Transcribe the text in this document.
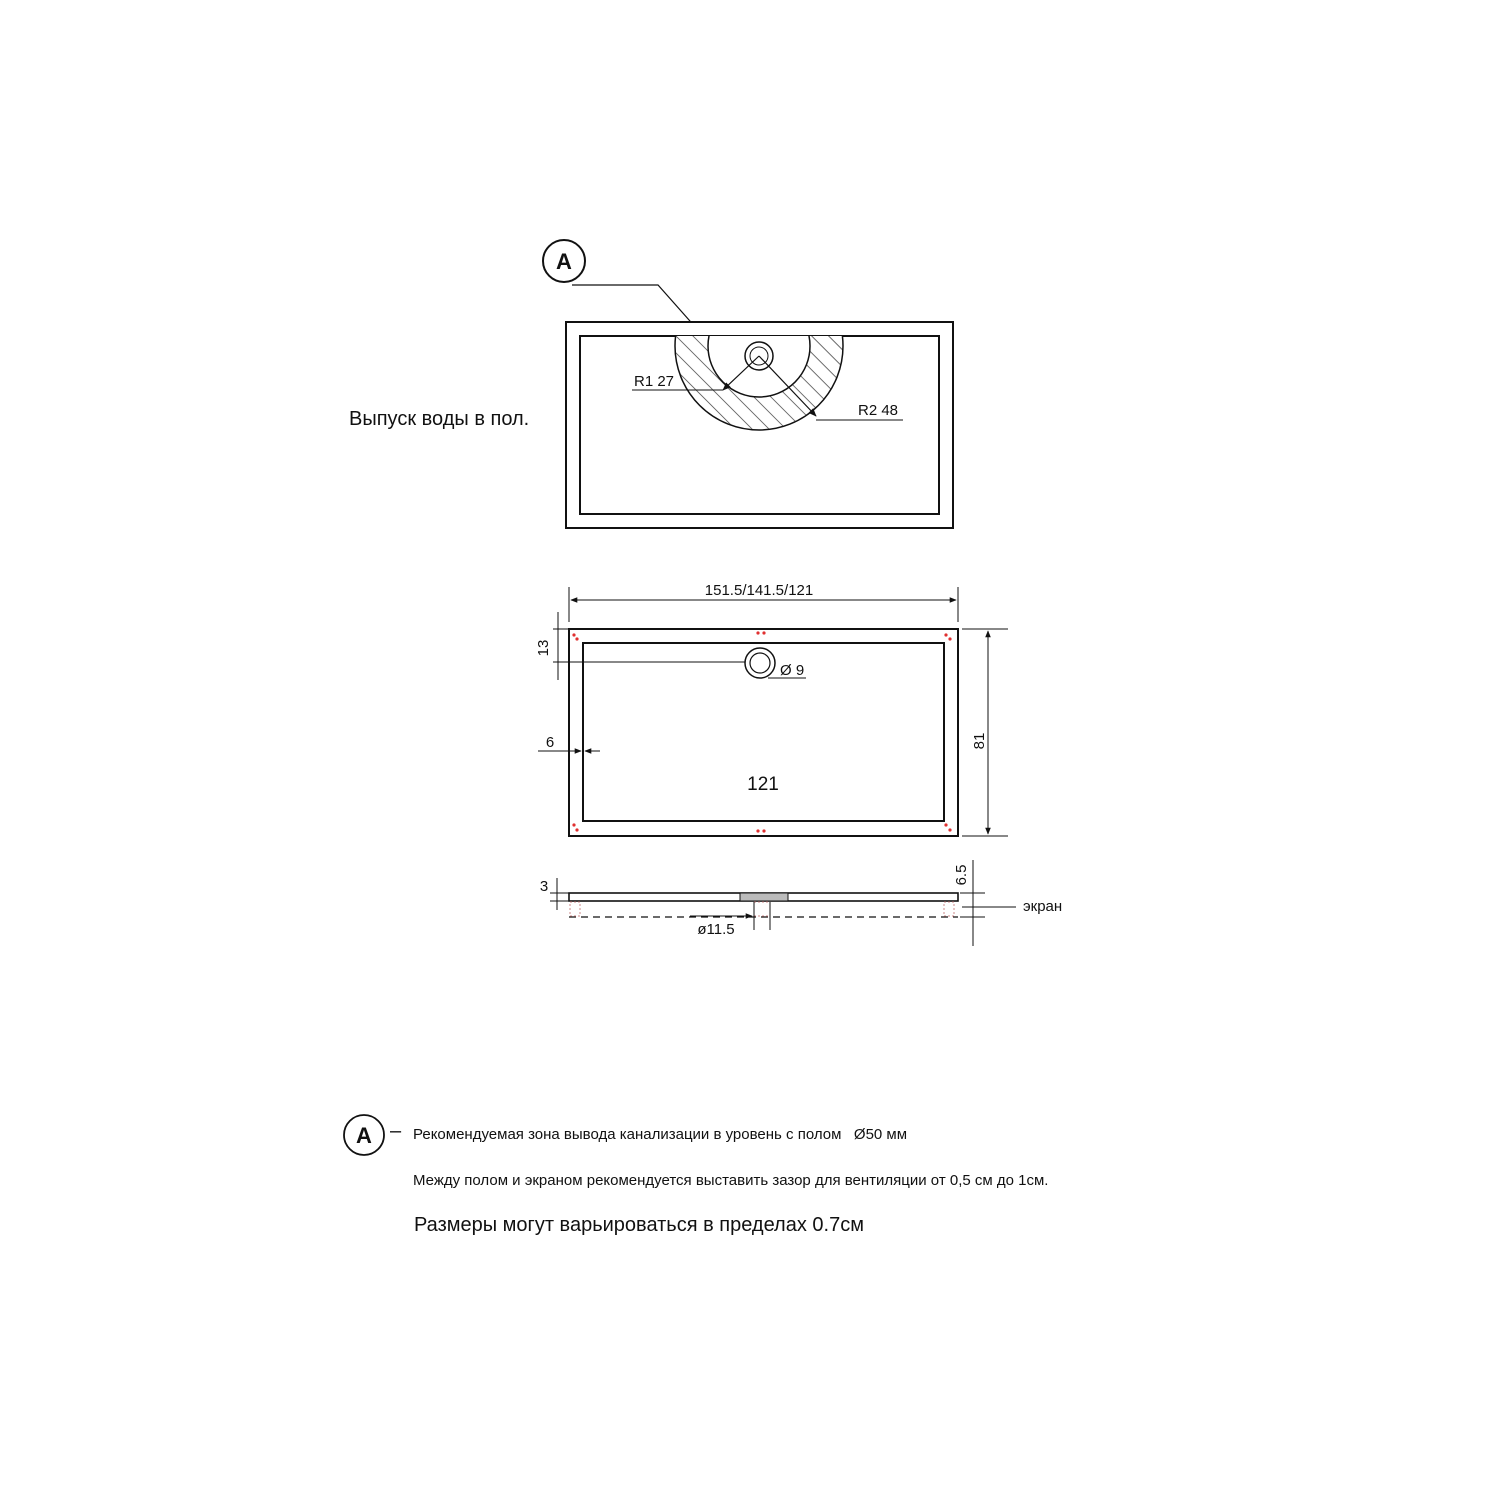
A
R1 27
R2 48
151.5/141.5/121
13
Ø 9
6
121
81
3
6.5
экран
ø11.5
A
Выпуск воды в пол.
– Рекомендуемая зона вывода канализации в уровень с полом   Ø50 мм
Между полом и экраном рекомендуется выставить зазор для вентиляции от 0,5 см до 1см.
Размеры могут варьироваться в пределах 0.7см
